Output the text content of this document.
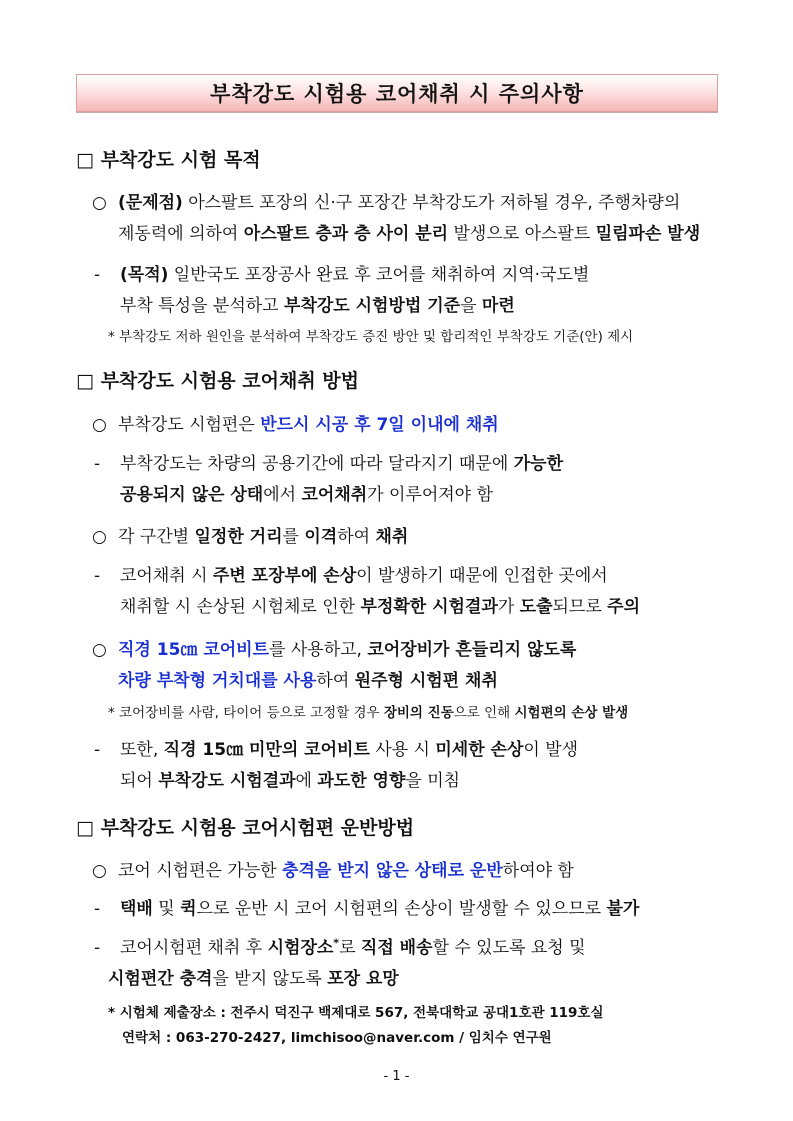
부착강도 시험용 코어채취 시 주의사항
□ 부착강도 시험 목적
○ (문제점) 아스팔트 포장의 신·구 포장간 부착강도가 저하될 경우, 주행차량의
제동력에 의하여 아스팔트 층과 층 사이 분리 발생으로 아스팔트 밀림파손 발생
- (목적) 일반국도 포장공사 완료 후 코어를 채취하여 지역·국도별
부착 특성을 분석하고 부착강도 시험방법 기준을 마련
* 부착강도 저하 원인을 분석하여 부착강도 증진 방안 및 합리적인 부착강도 기준(안) 제시
□ 부착강도 시험용 코어채취 방법
○ 부착강도 시험편은 반드시 시공 후 7일 이내에 채취
- 부착강도는 차량의 공용기간에 따라 달라지기 때문에 가능한
공용되지 않은 상태에서 코어채취가 이루어져야 함
○ 각 구간별 일정한 거리를 이격하여 채취
- 코어채취 시 주변 포장부에 손상이 발생하기 때문에 인접한 곳에서
채취할 시 손상된 시험체로 인한 부정확한 시험결과가 도출되므로 주의
○ 직경 15㎝ 코어비트를 사용하고, 코어장비가 흔들리지 않도록
차량 부착형 거치대를 사용하여 원주형 시험편 채취
* 코어장비를 사람, 타이어 등으로 고정할 경우 장비의 진동으로 인해 시험편의 손상 발생
- 또한, 직경 15㎝ 미만의 코어비트 사용 시 미세한 손상이 발생
되어 부착강도 시험결과에 과도한 영향을 미침
□ 부착강도 시험용 코어시험편 운반방법
○ 코어 시험편은 가능한 충격을 받지 않은 상태로 운반하여야 함
- 택배 및 퀵으로 운반 시 코어 시험편의 손상이 발생할 수 있으므로 불가
- 코어시험편 채취 후 시험장소*로 직접 배송할 수 있도록 요청 및
시험편간 충격을 받지 않도록 포장 요망
* 시험체 제출장소 : 전주시 덕진구 백제대로 567, 전북대학교 공대1호관 119호실
연락처 : 063-270-2427, limchisoo@naver.com / 임치수 연구원
- 1 -
